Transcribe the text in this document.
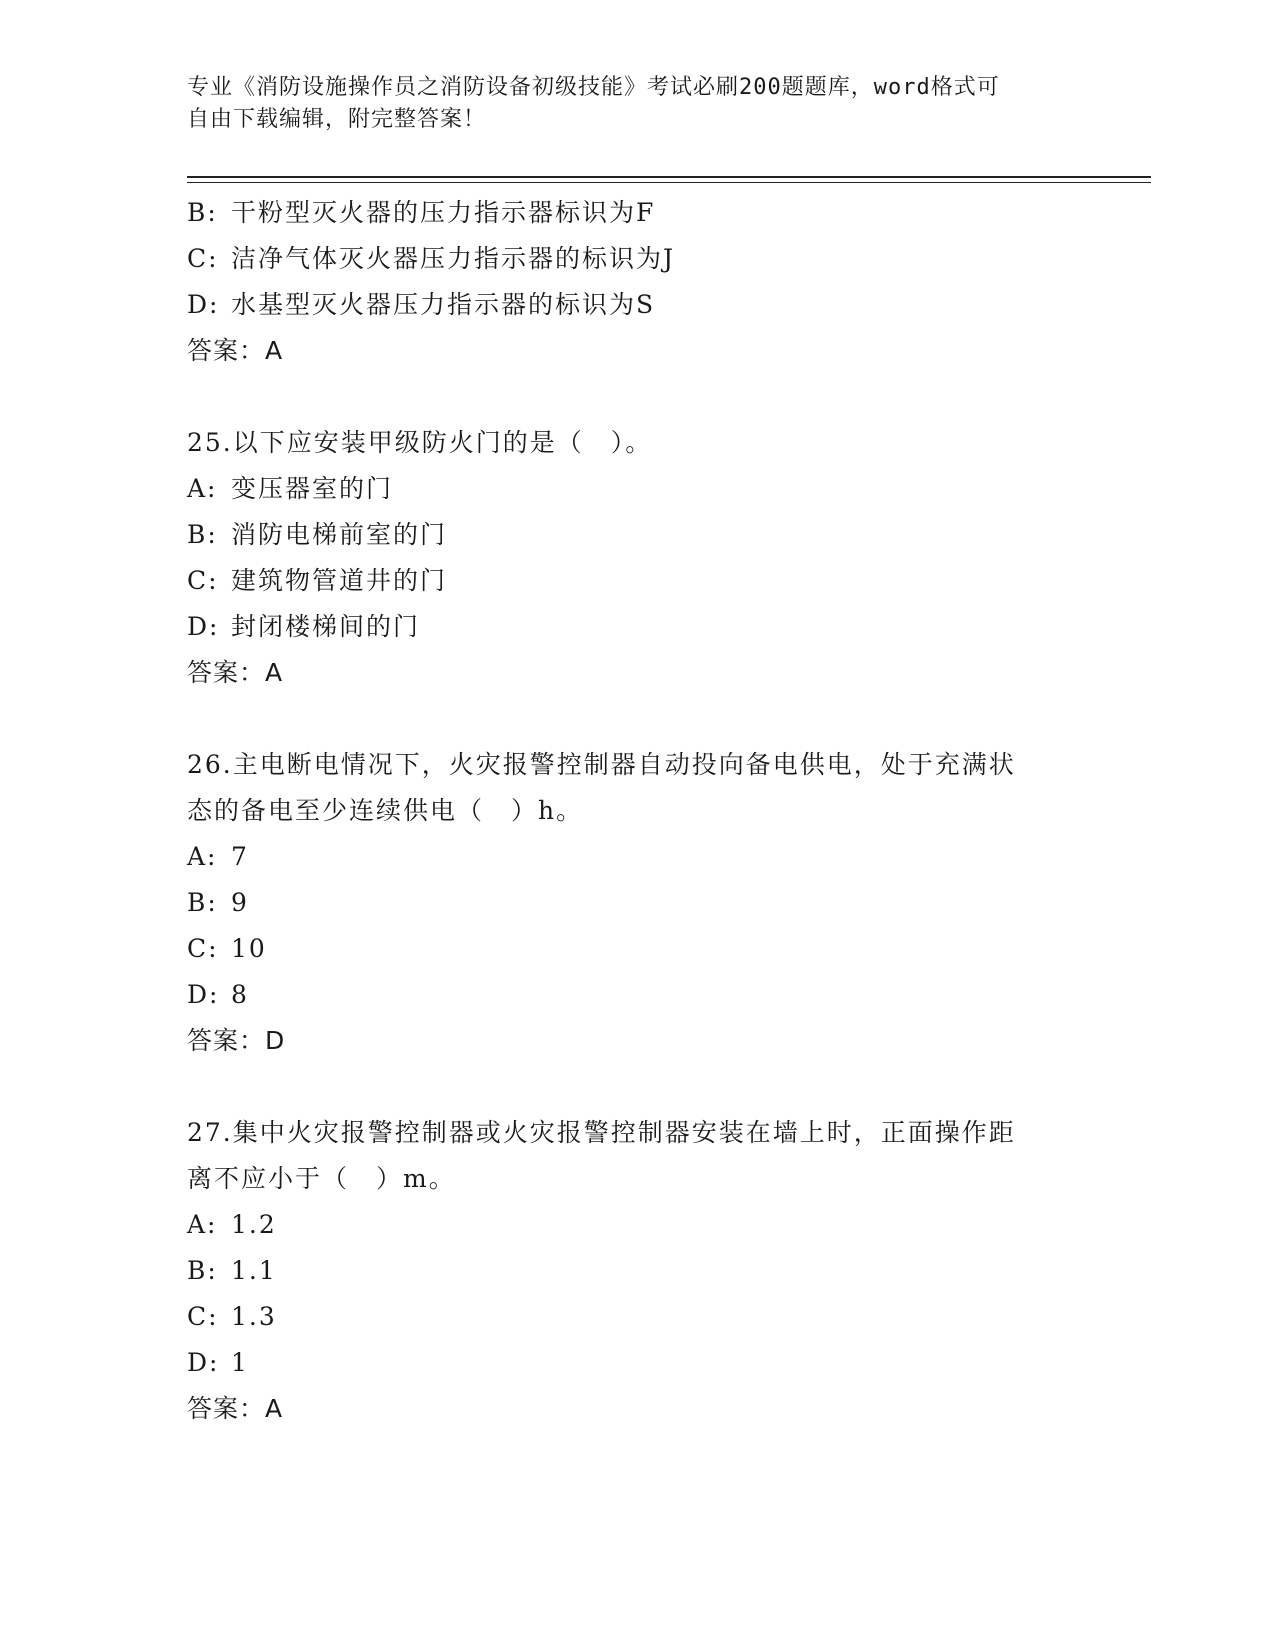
专业《消防设施操作员之消防设备初级技能》考试必刷200题题库，word格式可
自由下载编辑，附完整答案！
B: 干粉型灭火器的压力指示器标识为F
C: 洁净气体灭火器压力指示器的标识为J
D: 水基型灭火器压力指示器的标识为S
答案：A
25.以下应安装甲级防火门的是（　）。
A: 变压器室的门
B: 消防电梯前室的门
C: 建筑物管道井的门
D: 封闭楼梯间的门
答案：A
26.主电断电情况下，火灾报警控制器自动投向备电供电，处于充满状
态的备电至少连续供电（　）h。
A: 7
B: 9
C: 10
D: 8
答案：D
27.集中火灾报警控制器或火灾报警控制器安装在墙上时，正面操作距
离不应小于（　）m。
A: 1.2
B: 1.1
C: 1.3
D: 1
答案：A
